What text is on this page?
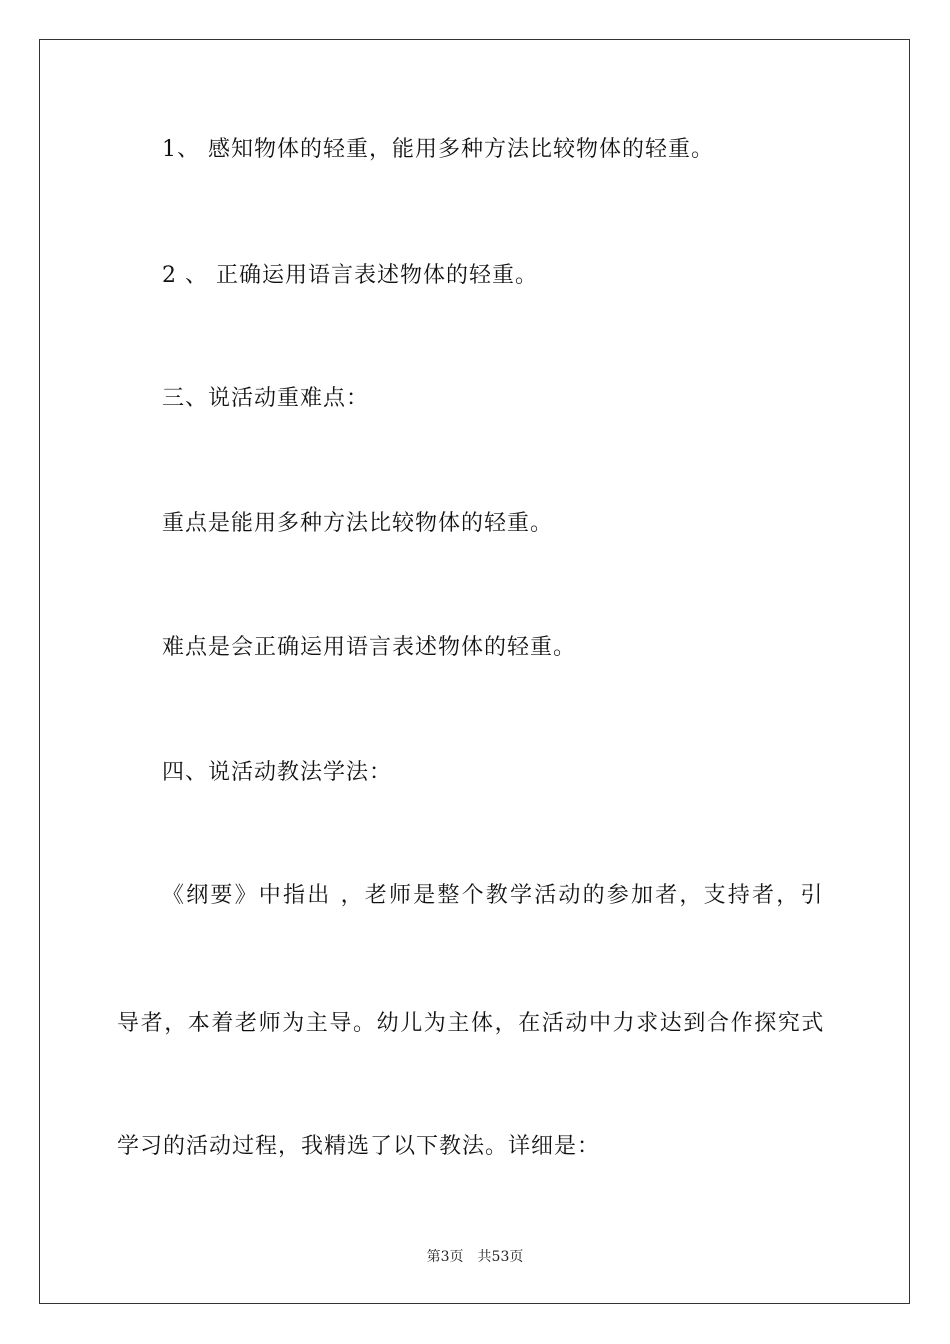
1、 感知物体的轻重，能用多种方法比较物体的轻重。
2 、 正确运用语言表述物体的轻重。
三、说活动重难点：
重点是能用多种方法比较物体的轻重。
难点是会正确运用语言表述物体的轻重。
四、说活动教法学法：
《纲要》中指出 ，老师是整个教学活动的参加者，支持者，引
导者，本着老师为主导。幼儿为主体，在活动中力求达到合作探究式
学习的活动过程，我精选了以下教法。详细是：
第3页 共53页
